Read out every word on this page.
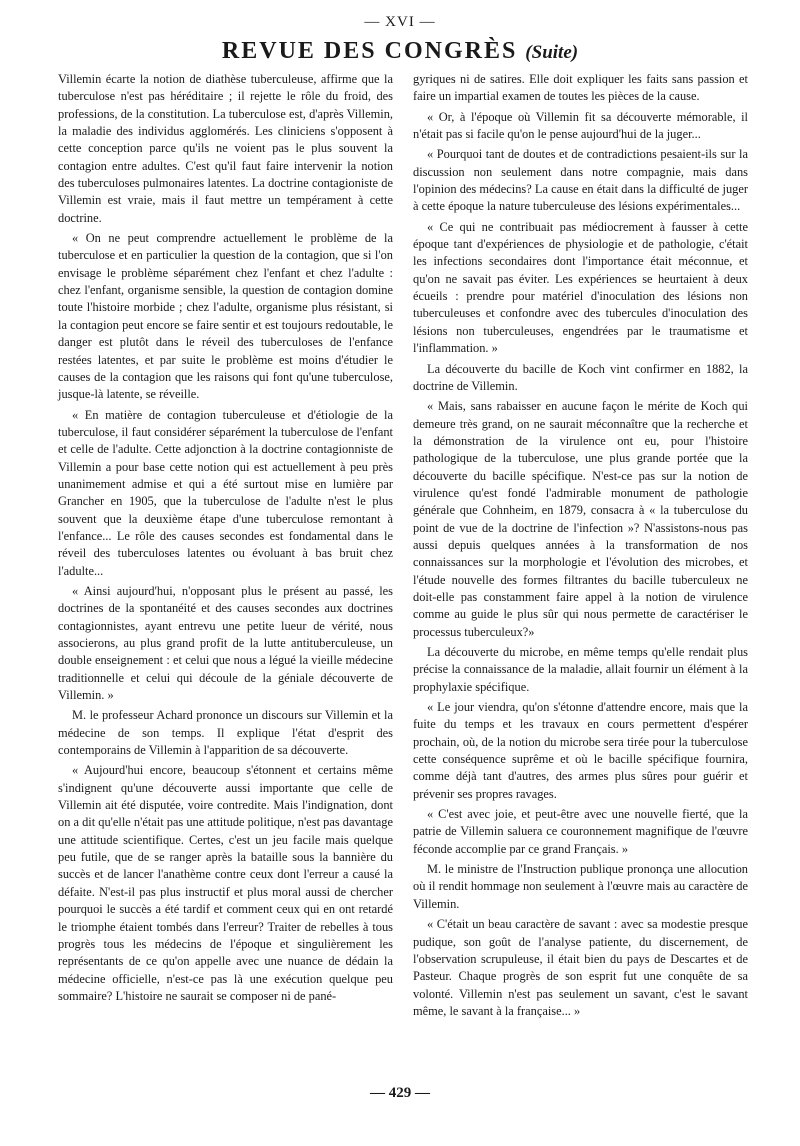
— XVI —
REVUE DES CONGRÈS (Suite)

Villemin écarte la notion de diathèse tuberculeuse, affirme que la tuberculose n'est pas héréditaire ; il rejette le rôle du froid, des professions, de la constitution. La tuberculose est, d'après Villemin, la maladie des individus agglomérés. Les cliniciens s'opposent à cette conception parce qu'ils ne voient pas le plus souvent la contagion entre adultes. C'est qu'il faut faire intervenir la notion des tuberculoses pulmonaires latentes. La doctrine contagioniste de Villemin est vraie, mais il faut mettre un tempérament à cette doctrine.

« On ne peut comprendre actuellement le problème de la tuberculose et en particulier la question de la contagion, que si l'on envisage le problème séparément chez l'enfant et chez l'adulte : chez l'enfant, organisme sensible, la question de contagion domine toute l'histoire morbide ; chez l'adulte, organisme plus résistant, si la contagion peut encore se faire sentir et est toujours redoutable, le danger est plutôt dans le réveil des tuberculoses de l'enfance restées latentes, et par suite le problème est moins d'étudier le causes de la contagion que les raisons qui font qu'une tuberculose, jusque-là latente, se réveille.

« En matière de contagion tuberculeuse et d'étiologie de la tuberculose, il faut considérer séparément la tuberculose de l'enfant et celle de l'adulte. Cette adjonction à la doctrine contagionniste de Villemin a pour base cette notion qui est actuellement à peu près unanimement admise et qui a été surtout mise en lumière par Grancher en 1905, que la tuberculose de l'adulte n'est le plus souvent que la deuxième étape d'une tuberculose remontant à l'enfance... Le rôle des causes secondes est fondamental dans le réveil des tuberculoses latentes ou évoluant à bas bruit chez l'adulte...

« Ainsi aujourd'hui, n'opposant plus le présent au passé, les doctrines de la spontanéité et des causes secondes aux doctrines contagionnistes, ayant entrevu une petite lueur de vérité, nous associerons, au plus grand profit de la lutte antituberculeuse, un double enseignement : et celui que nous a légué la vieille médecine traditionnelle et celui qui découle de la géniale découverte de Villemin. »

M. le professeur Achard prononce un discours sur Villemin et la médecine de son temps. Il explique l'état d'esprit des contemporains de Villemin à l'apparition de sa découverte.

« Aujourd'hui encore, beaucoup s'étonnent et certains même s'indignent qu'une découverte aussi importante que celle de Villemin ait été disputée, voire contredite. Mais l'indignation, dont on a dit qu'elle n'était pas une attitude politique, n'est pas davantage une attitude scientifique. Certes, c'est un jeu facile mais quelque peu futile, que de se ranger après la bataille sous la bannière du succès et de lancer l'anathème contre ceux dont l'erreur a causé la défaite. N'est-il pas plus instructif et plus moral aussi de chercher pourquoi le succès a été tardif et comment ceux qui en ont retardé le triomphe étaient tombés dans l'erreur? Traiter de rebelles à tous progrès tous les médecins de l'époque et singulièrement les représentants de ce qu'on appelle avec une nuance de dédain la médecine officielle, n'est-ce pas là une exécution quelque peu sommaire? L'histoire ne saurait se composer ni de pané-

gyriques ni de satires. Elle doit expliquer les faits sans passion et faire un impartial examen de toutes les pièces de la cause.

« Or, à l'époque où Villemin fit sa découverte mémorable, il n'était pas si facile qu'on le pense aujourd'hui de la juger...

« Pourquoi tant de doutes et de contradictions pesaient-ils sur la discussion non seulement dans notre compagnie, mais dans l'opinion des médecins? La cause en était dans la difficulté de juger à cette époque la nature tuberculeuse des lésions expérimentales...

« Ce qui ne contribuait pas médiocrement à fausser à cette époque tant d'expériences de physiologie et de pathologie, c'était les infections secondaires dont l'importance était méconnue, et qu'on ne savait pas éviter. Les expériences se heurtaient à deux écueils : prendre pour matériel d'inoculation des lésions non tuberculeuses et confondre avec des tubercules d'inoculation des lésions non tuberculeuses, engendrées par le traumatisme et l'inflammation. »

La découverte du bacille de Koch vint confirmer en 1882, la doctrine de Villemin.

« Mais, sans rabaisser en aucune façon le mérite de Koch qui demeure très grand, on ne saurait méconnaître que la recherche et la démonstration de la virulence ont eu, pour l'histoire pathologique de la tuberculose, une plus grande portée que la découverte du bacille spécifique. N'est-ce pas sur la notion de virulence qu'est fondé l'admirable monument de pathologie générale que Cohnheim, en 1879, consacra à « la tuberculose du point de vue de la doctrine de l'infection »? N'assistons-nous pas aussi depuis quelques années à la transformation de nos connaissances sur la morphologie et l'évolution des microbes, et l'étude nouvelle des formes filtrantes du bacille tuberculeux ne doit-elle pas constamment faire appel à la notion de virulence comme au guide le plus sûr qui nous permette de caractériser le processus tuberculeux?»

La découverte du microbe, en même temps qu'elle rendait plus précise la connaissance de la maladie, allait fournir un élément à la prophylaxie spécifique.

« Le jour viendra, qu'on s'étonne d'attendre encore, mais que la fuite du temps et les travaux en cours permettent d'espérer prochain, où, de la notion du microbe sera tirée pour la tuberculose cette conséquence suprême et où le bacille spécifique fournira, comme déjà tant d'autres, des armes plus sûres pour guérir et prévenir ses propres ravages.

« C'est avec joie, et peut-être avec une nouvelle fierté, que la patrie de Villemin saluera ce couronnement magnifique de l'œuvre féconde accomplie par ce grand Français. »

M. le ministre de l'Instruction publique prononça une allocution où il rendit hommage non seulement à l'œuvre mais au caractère de Villemin.

« C'était un beau caractère de savant : avec sa modestie presque pudique, son goût de l'analyse patiente, du discernement, de l'observation scrupuleuse, il était bien du pays de Descartes et de Pasteur. Chaque progrès de son esprit fut une conquête de sa volonté. Villemin n'est pas seulement un savant, c'est le savant même, le savant à la française... »

— 429 —
